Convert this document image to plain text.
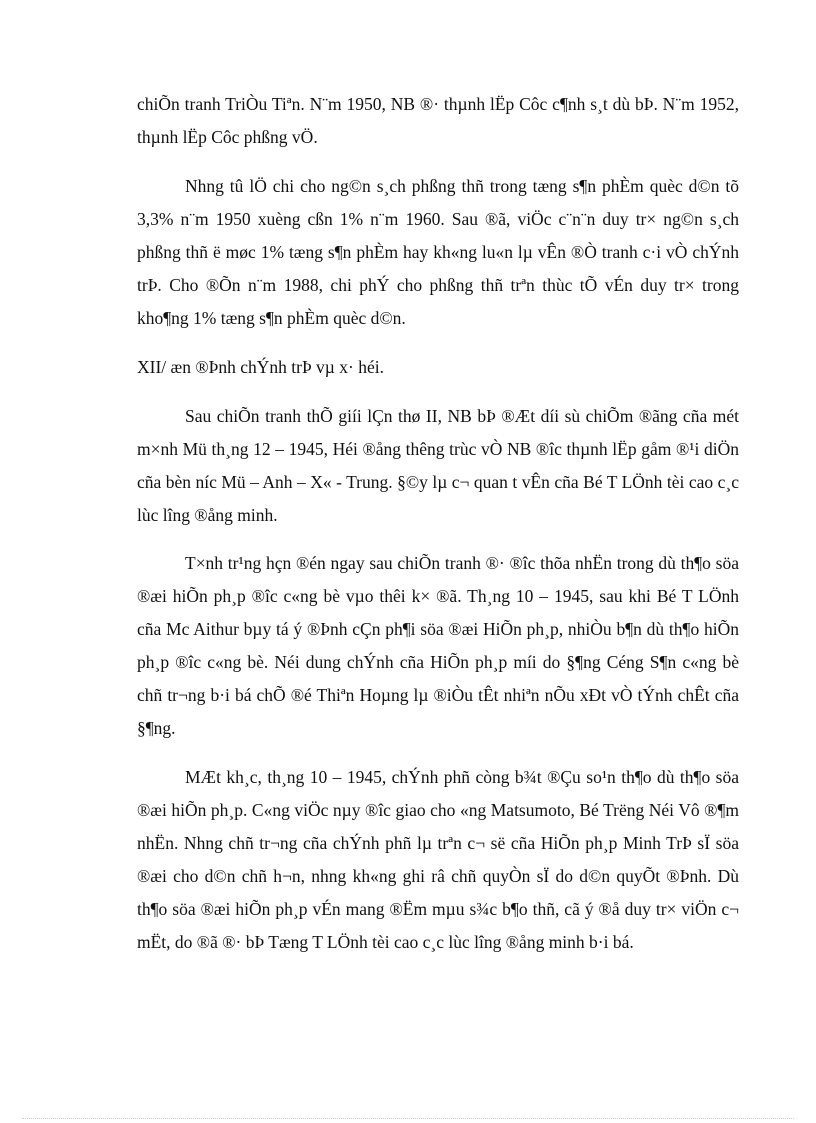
chiÕn tranh TriÒu Tiªn. N¨m 1950, NB ®· thµnh lËp Côc c¶nh s¸t dù bÞ. N¨m 1952, thµnh lËp Côc phßng vÖ.

Nhng tû lÖ chi cho ng©n s¸ch phßng thñ trong tæng s¶n phÈm quèc d©n tõ 3,3% n¨m 1950 xuèng cßn 1% n¨m 1960. Sau ®ã, viÖc c¨n¨n duy tr× ng©n s¸ch phßng thñ ë møc 1% tæng s¶n phÈm hay kh«ng lu«n lµ vÊn ®Ò tranh c·i vÒ chÝnh trÞ. Cho ®Õn n¨m 1988, chi phÝ cho phßng thñ trªn thùc tÕ vÉn duy tr× trong kho¶ng 1% tæng s¶n phÈm quèc d©n.

XII/ æn ®Þnh chÝnh trÞ vµ x· héi.

Sau chiÕn tranh thÕ giíi lÇn thø II, NB bÞ ®Æt díi sù chiÕm ®ãng cña mét m×nh Mü th¸ng 12 – 1945, Héi ®ång thêng trùc vÒ NB ®îc thµnh lËp gåm ®¹i diÖn cña bèn níc Mü – Anh – X« - Trung. §©y lµ c¬ quan t vÊn cña Bé T LÖnh tèi cao c¸c lùc lîng ®ång minh.

T×nh tr¹ng hçn ®én ngay sau chiÕn tranh ®· ®îc thõa nhËn trong dù th¶o söa ®æi hiÕn ph¸p ®îc c«ng bè vµo thêi k× ®ã. Th¸ng 10 – 1945, sau khi Bé T LÖnh cña Mc Aithur bµy tá ý ®Þnh cÇn ph¶i söa ®æi HiÕn ph¸p, nhiÒu b¶n dù th¶o hiÕn ph¸p ®îc c«ng bè. Néi dung chÝnh cña HiÕn ph¸p míi do §¶ng Céng S¶n c«ng bè chñ tr¬ng b·i bá chÕ ®é Thiªn Hoµng lµ ®iÒu tÊt nhiªn nÕu xÐt vÒ tÝnh chÊt cña §¶ng.

MÆt kh¸c, th¸ng 10 – 1945, chÝnh phñ còng b¾t ®Çu so¹n th¶o dù th¶o söa ®æi hiÕn ph¸p. C«ng viÖc nµy ®îc giao cho «ng Matsumoto, Bé Trëng Néi Vô ®¶m nhËn. Nhng chñ tr¬ng cña chÝnh phñ lµ trªn c¬ së cña HiÕn ph¸p Minh TrÞ sÏ söa ®æi cho d©n chñ h¬n, nhng kh«ng ghi râ chñ quyÒn sÏ do d©n quyÕt ®Þnh. Dù th¶o söa ®æi hiÕn ph¸p vÉn mang ®Ëm mµu s¾c b¶o thñ, cã ý ®å duy tr× viÖn c¬ mËt, do ®ã ®· bÞ Tæng T LÖnh tèi cao c¸c lùc lîng ®ång minh b·i bá.
